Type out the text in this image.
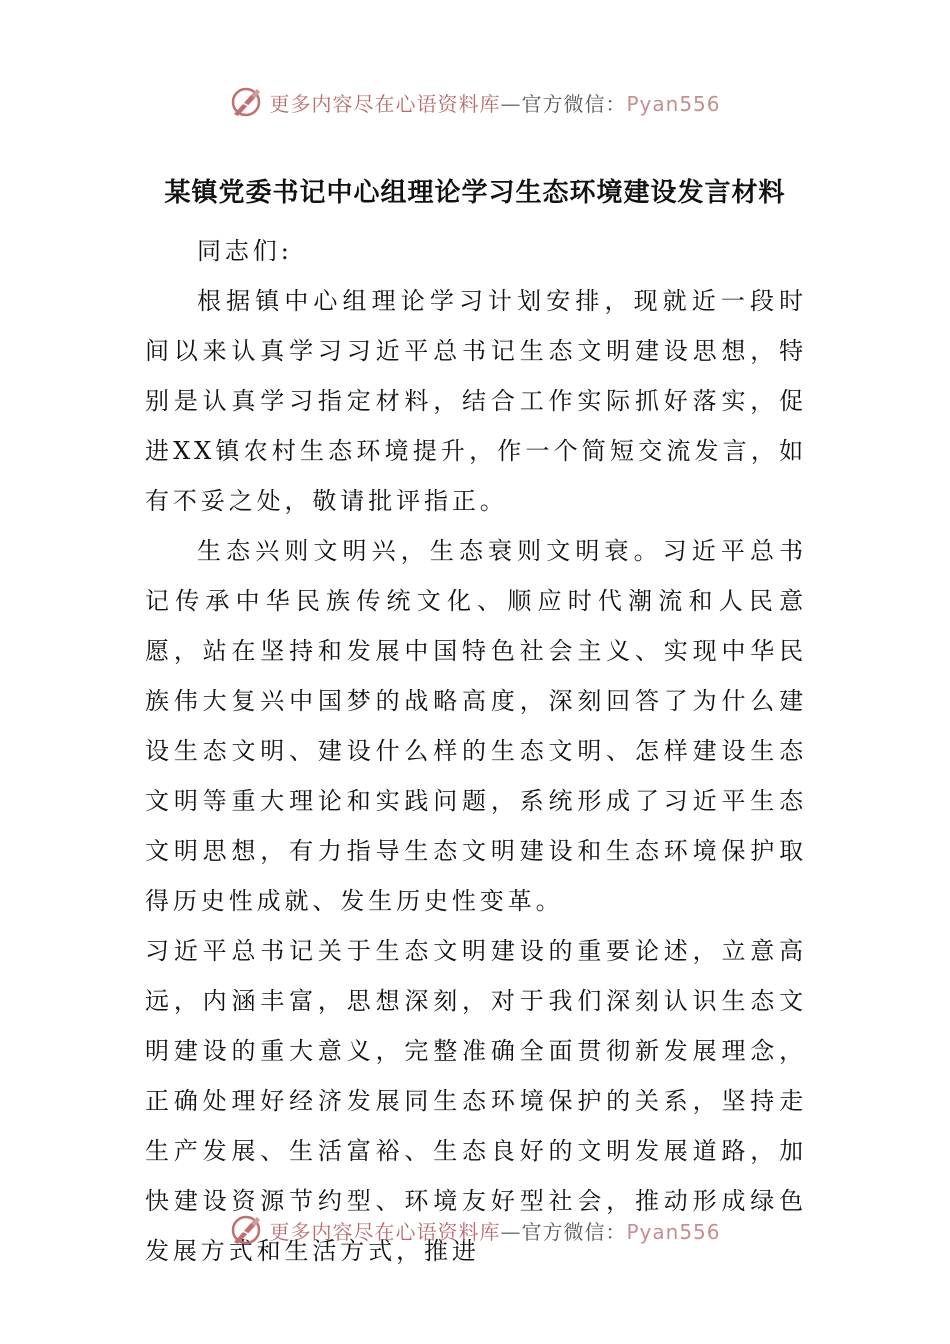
更多内容尽在心语资料库—官方微信：Pyan556
某镇党委书记中心组理论学习生态环境建设发言材料

同志们:

根据镇中心组理论学习计划安排，现就近一段时间以来认真学习习近平总书记生态文明建设思想，特别是认真学习指定材料，结合工作实际抓好落实，促进XX镇农村生态环境提升，作一个简短交流发言，如有不妥之处，敬请批评指正。

生态兴则文明兴，生态衰则文明衰。习近平总书记传承中华民族传统文化、顺应时代潮流和人民意愿，站在坚持和发展中国特色社会主义、实现中华民族伟大复兴中国梦的战略高度，深刻回答了为什么建设生态文明、建设什么样的生态文明、怎样建设生态文明等重大理论和实践问题，系统形成了习近平生态文明思想，有力指导生态文明建设和生态环境保护取得历史性成就、发生历史性变革。

习近平总书记关于生态文明建设的重要论述，立意高远，内涵丰富，思想深刻，对于我们深刻认识生态文明建设的重大意义，完整准确全面贯彻新发展理念，正确处理好经济发展同生态环境保护的关系，坚持走生产发展、生活富裕、生态良好的文明发展道路，加快建设资源节约型、环境友好型社会，推动形成绿色发展方式和生活方式，推进

更多内容尽在心语资料库—官方微信：Pyan556
